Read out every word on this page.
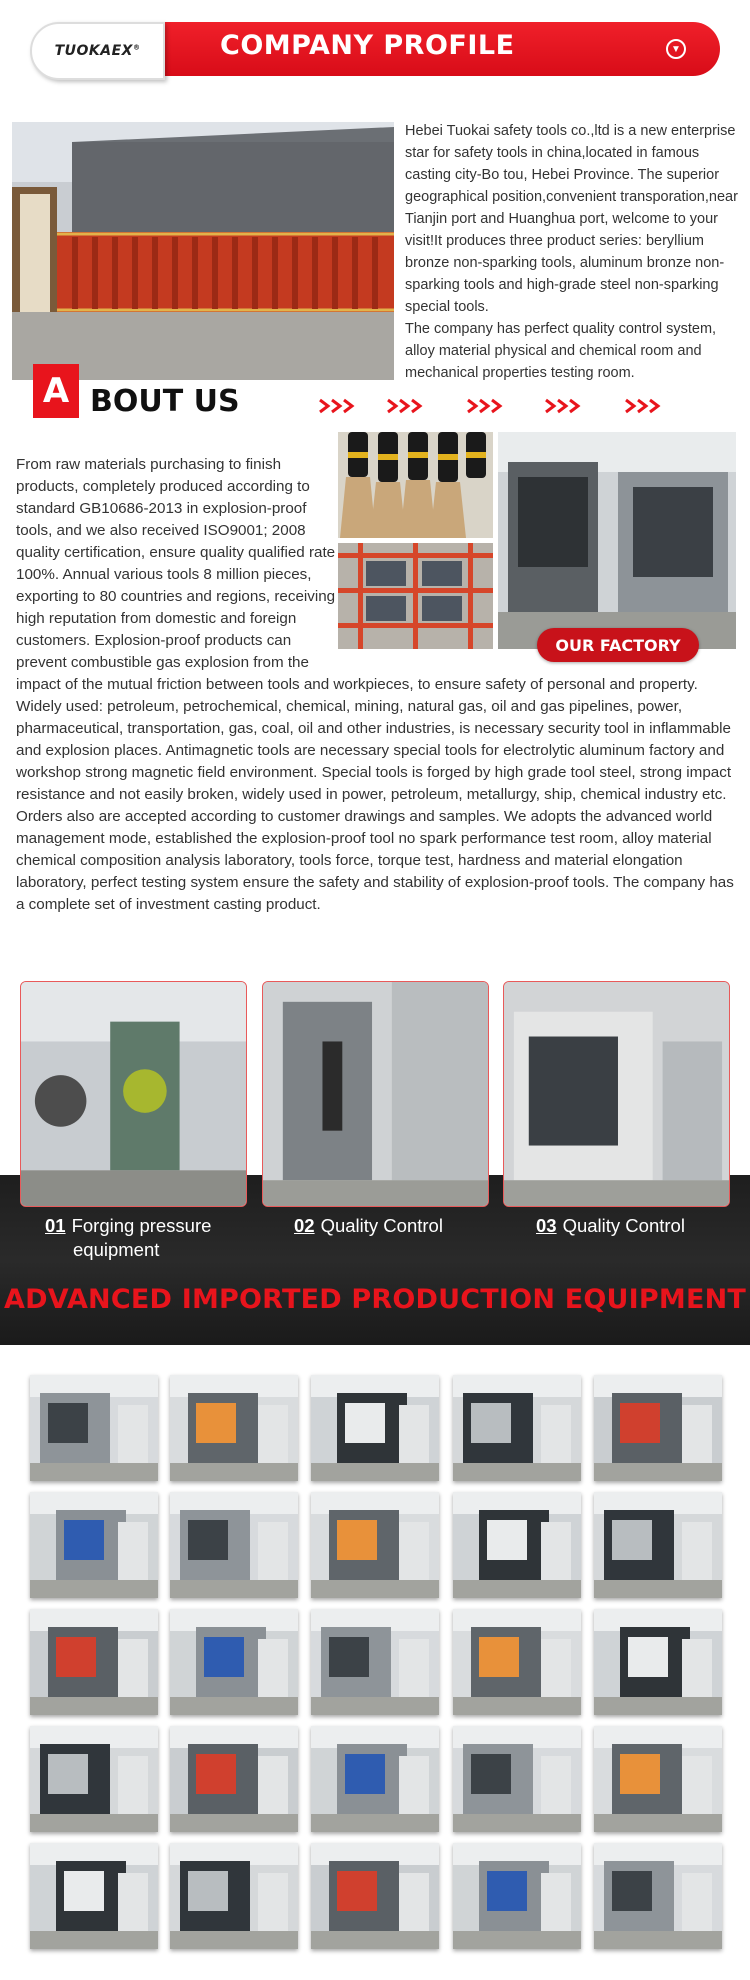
TUOKAEX®	COMPANY PROFILE	▼

Hebei Tuokai safety tools co.,ltd is a new enterprise star for safety tools in china,located in famous casting city-Bo tou, Hebei Province. The superior geographical position,convenient transporation,near Tianjin port and Huanghua port, welcome to your visit!It produces three product series: beryllium bronze non-sparking tools, aluminum bronze non-sparking tools and high-grade steel non-sparking special tools.

The company has perfect quality control system, alloy material physical and chemical room and mechanical properties testing room.

A BOUT US
OUR FACTORY
From raw materials purchasing to finish products, completely produced according to standard GB10686-2013 in explosion-proof tools, and we also received ISO9001; 2008 quality certification, ensure quality qualified rate 100%. Annual various tools 8 million pieces, exporting to 80 countries and regions, receiving high reputation from domestic and foreign customers. Explosion-proof products can prevent combustible gas explosion from the impact of the mutual friction between tools and workpieces, to ensure safety of personal and property. Widely used: petroleum, petrochemical, chemical, mining, natural gas, oil and gas pipelines, power, pharmaceutical, transportation, gas, coal, oil and other industries, is necessary security tool in inflammable and explosion places. Antimagnetic tools are necessary special tools for electrolytic aluminum factory and workshop strong magnetic field environment. Special tools is forged by high grade tool steel, strong impact resistance and not easily broken, widely used in power, petroleum, metallurgy, ship, chemical industry etc. Orders also are accepted according to customer drawings and samples. We adopts the advanced world management mode, established the explosion-proof tool no spark performance test room, alloy material chemical composition analysis laboratory, tools force, torque test, hardness and material elongation laboratory, perfect testing system ensure the safety and stability of explosion-proof tools. The company has a complete set of investment casting product.
01 Forging pressure
equipment
02 Quality Control	03 Quality Control
ADVANCED IMPORTED PRODUCTION EQUIPMENT
